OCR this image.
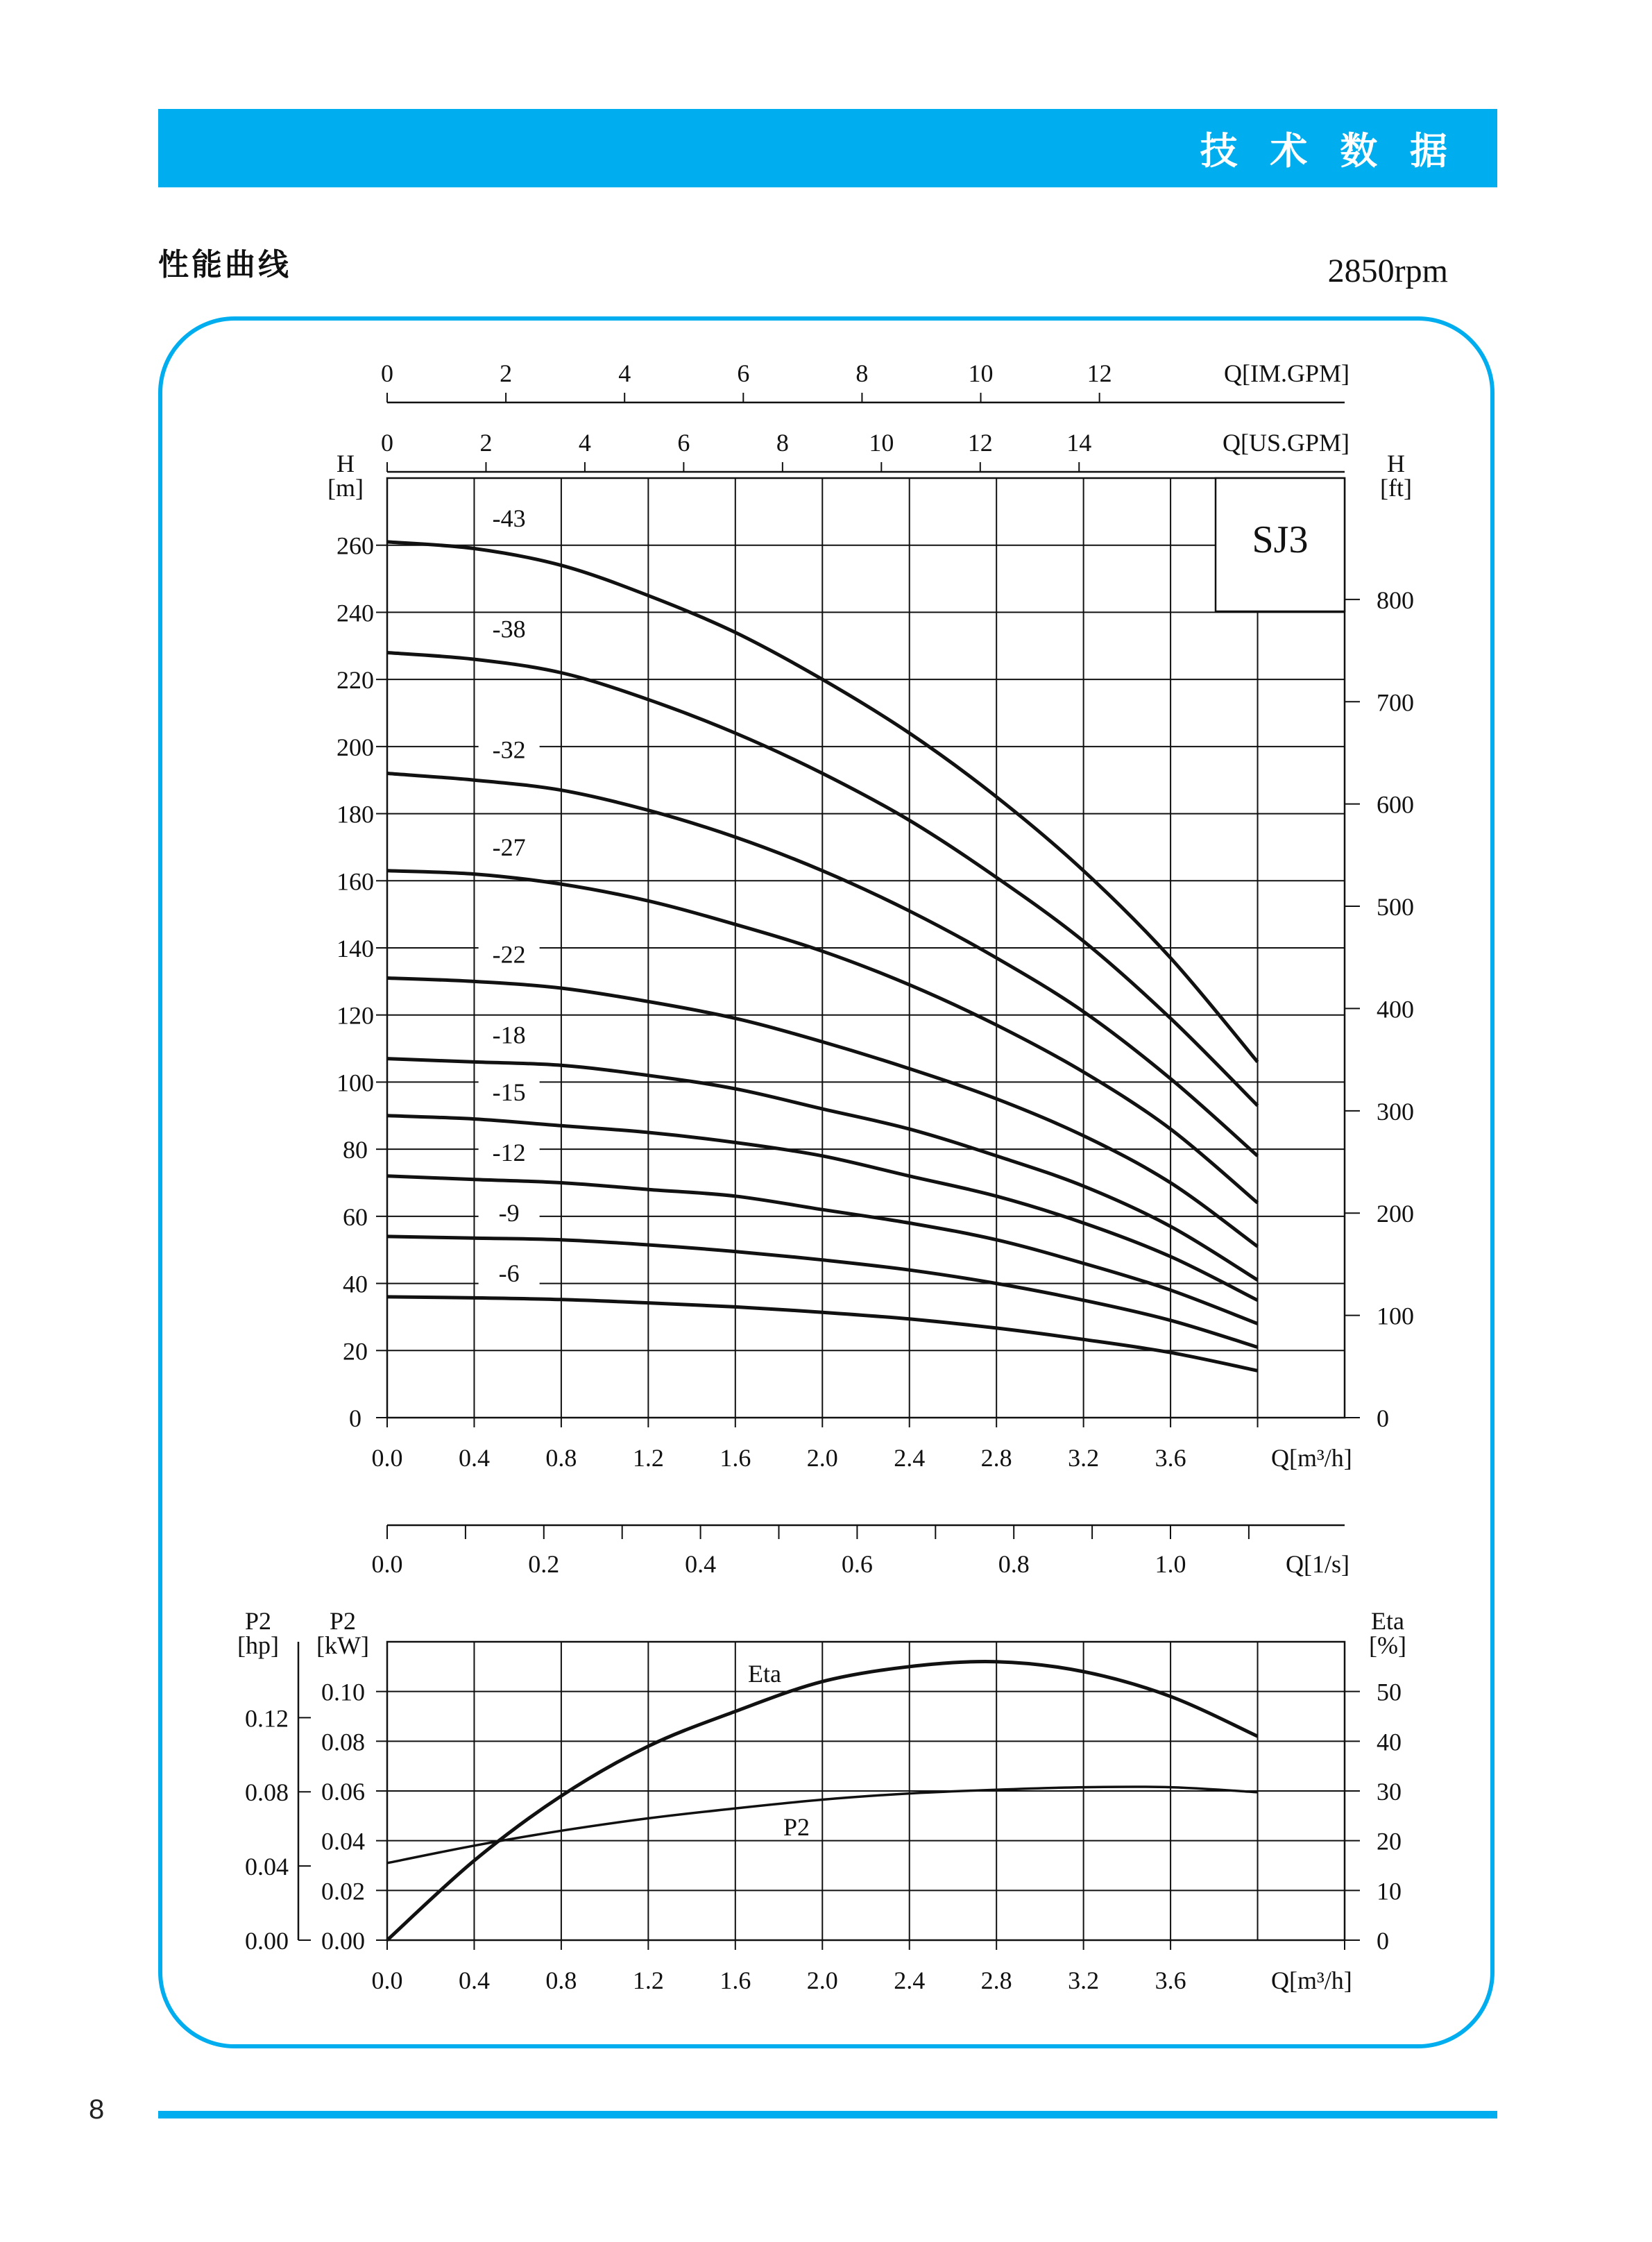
技 术 数 据
性能曲线	2850rpm
0
20
40
60
80
100
120
140
160
180
200
220
240
260
H
[m]
0
100
200
300
400
500
600
700
800
H
[ft]
0.0 0.4 0.8 1.2 1.6 2.0 2.4 2.8 3.2 3.6	Q[m³/h]
SJ3
0	2	4	6	8	10	12	Q[IM.GPM]
0	2	4	6	8	10	12	14	Q[US.GPM]
0.0	0.2	0.4	0.6	0.8	1.0	Q[1/s]
-43
-38
-32
-27
-22
-18
-15
-12
-9
-6
0.00
0.02
0.04
0.06
0.08
0.10
P2
[kW]
0.00
0.04
0.08
0.12
P2
[hp]
0
10
20
30
40
50
Eta
[%]
0.0 0.4 0.8 1.2 1.6 2.0 2.4 2.8 3.2 3.6	Q[m³/h]
Eta
P2
8
